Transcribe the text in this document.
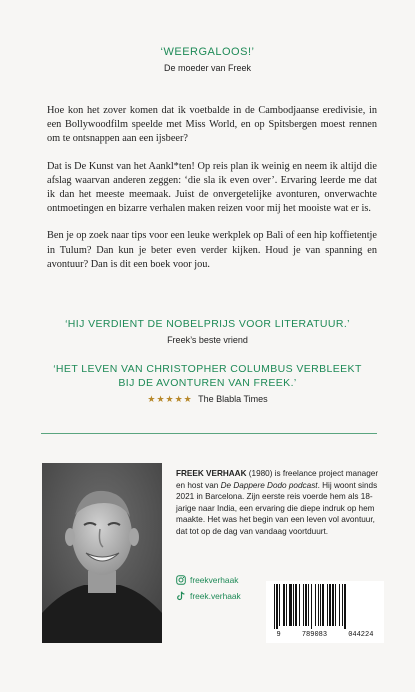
‘WEERGALOOS!’
De moeder van Freek

Hoe kon het zover komen dat ik voetbalde in de Cambodjaanse eredivisie, in een Bollywoodfilm speelde met Miss World, en op Spitsbergen moest rennen om te ontsnappen aan een ijsbeer?

Dat is De Kunst van het Aankl*ten! Op reis plan ik weinig en neem ik altijd die afslag waarvan anderen zeggen: ‘die sla ik even over’. Ervaring leerde me dat ik dan het meeste meemaak. Juist de onvergetelijke avonturen, onverwachte ontmoetingen en bizarre verhalen maken reizen voor mij het mooiste wat er is.

Ben je op zoek naar tips voor een leuke werkplek op Bali of een hip koffietentje in Tulum? Dan kun je beter even verder kijken. Houd je van spanning en avontuur? Dan is dit een boek voor jou.

‘HIJ VERDIENT DE NOBELPRIJS VOOR LITERATUUR.’
Freek’s beste vriend
‘HET LEVEN VAN CHRISTOPHER COLUMBUS VERBLEEKT
BIJ DE AVONTUREN VAN FREEK.’
★★★★★ The Blabla Times
FREEK VERHAAK (1980) is freelance project manager en host van De Dappere Dodo podcast. Hij woont sinds 2021 in Barcelona. Zijn eerste reis voerde hem als 18-jarige naar India, een ervaring die diepe indruk op hem maakte. Het was het begin van een leven vol avontuur, dat tot op de dag van vandaag voortduurt.
freekverhaak
freek.verhaak
9	789083	044224
